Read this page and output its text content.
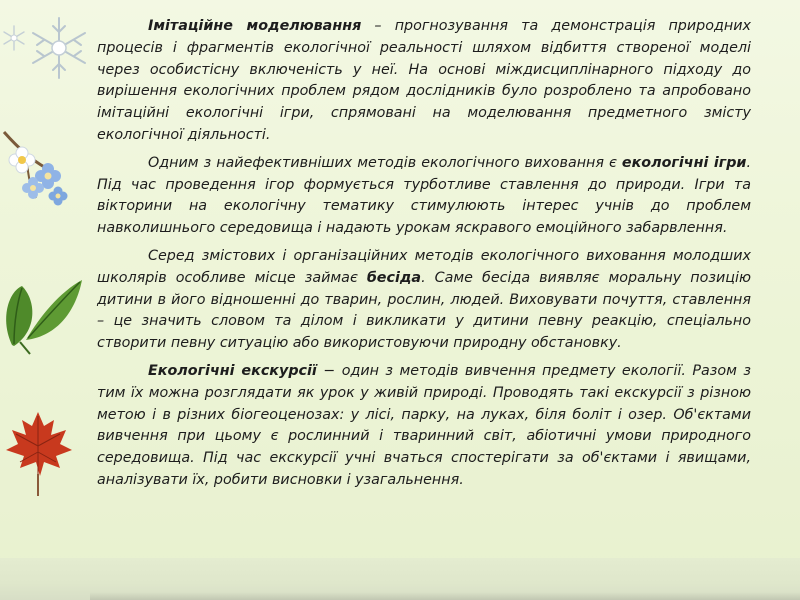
Імітаційне моделювання – прогнозування та демонстрація природних процесів і фрагментів екологічної реальності шляхом відбиття створеної моделі через особистісну включеність у неї. На основі міждисциплінарного підходу до вирішення екологічних проблем рядом дослідників було розроблено та апробовано імітаційні екологічні ігри, спрямовані на моделювання предметного змісту екологічної діяльності.

Одним з найефективніших методів екологічного виховання є екологічні ігри. Під час проведення ігор формується турботливе ставлення до природи. Ігри та вікторини на екологічну тематику стимулюють інтерес учнів до проблем навколишнього середовища і надають урокам яскравого емоційного забарвлення.

Серед змістових і організаційних методів екологічного виховання молодших школярів особливе місце займає бесіда. Саме бесіда виявляє моральну позицію дитини в його відношенні до тварин, рослин, людей. Виховувати почуття, ставлення – це значить словом та ділом і викликати у дитини певну реакцію, спеціально створити певну ситуацію або використовуючи природну обстановку.

Екологічні екскурсії − один з методів вивчення предмету екології. Разом з тим їх можна розглядати як урок у живій природі. Проводять такі екскурсії з різною метою і в різних біогеоценозах: у лісі, парку, на луках, біля боліт і озер. Об'єктами вивчення при цьому є рослинний і тваринний світ, абіотичні умови природного середовища. Під час екскурсії учні вчаться спостерігати за об'єктами і явищами, аналізувати їх, робити висновки і узагальнення.
